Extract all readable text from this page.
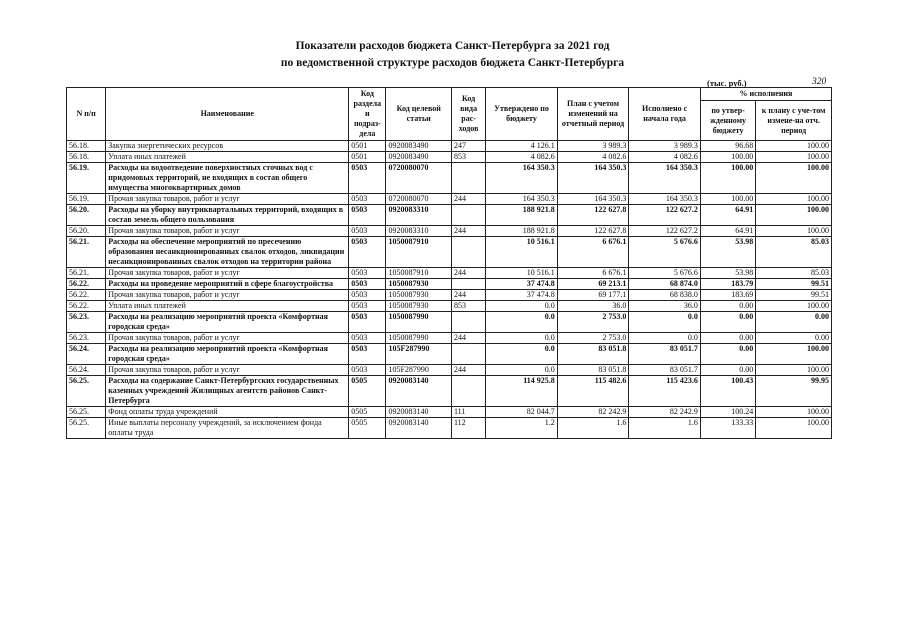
Показатели расходов бюджета Санкт-Петербурга за 2021 год
по ведомственной структуре расходов бюджета Санкт-Петербурга
(тыс. руб.)	320
N п/п	Наименование	Код раздела и подраз-дела	Код целевой статьи	Код вида рас-ходов	Утверждено по бюджету	План с учетом изменений на отчетный период	Исполнено с начала года	% исполнения	
								по утвер-жденному бюджету	к плану с уче-том измене-на отч. период
56.18.	Закупка энергетических ресурсов	0501	0920083490	247	4 126.1	3 989.3	3 989.3	96.68	100.00
56.18.	Уплата иных платежей	0501	0920083490	853	4 082.6	4 082.6	4 082.6	100.00	100.00
56.19.	Расходы на водоотведение поверхностных сточных вод с придомовых территорий, не входящих в состав общего имущества многоквартирных домов	0503	0720080070		164 350.3	164 350.3	164 350.3	100.00	100.00
56.19.	Прочая закупка товаров, работ и услуг	0503	0720080070	244	164 350.3	164 350.3	164 350.3	100.00	100.00
56.20.	Расходы на уборку внутриквартальных территорий, входящих в состав земель общего пользования	0503	0920083310		188 921.8	122 627.8	122 627.2	64.91	100.00
56.20.	Прочая закупка товаров, работ и услуг	0503	0920083310	244	188 921.8	122 627.8	122 627.2	64.91	100.00
56.21.	Расходы на обеспечение мероприятий по пресечению образования несанкционированных свалок отходов, ликвидации несанкционированных свалок отходов на территории района	0503	1050087910		10 516.1	6 676.1	5 676.6	53.98	85.03
56.21.	Прочая закупка товаров, работ и услуг	0503	1050087910	244	10 516.1	6 676.1	5 676.6	53.98	85.03
56.22.	Расходы на проведение мероприятий в сфере благоустройства	0503	1050087930		37 474.8	69 213.1	68 874.0	183.79	99.51
56.22.	Прочая закупка товаров, работ и услуг	0503	1050087930	244	37 474.8	69 177.1	68 838.0	183.69	99.51
56.22.	Уплата иных платежей	0503	1050087930	853	0.0	36.0	36.0	0.00	100.00
56.23.	Расходы на реализацию мероприятий проекта «Комфортная городская среда»	0503	1050087990		0.0	2 753.0	0.0	0.00	0.00
56.23.	Прочая закупка товаров, работ и услуг	0503	1050087990	244	0.0	2 753.0	0.0	0.00	0.00
56.24.	Расходы на реализацию мероприятий проекта «Комфортная городская среда»	0503	105F287990		0.0	83 051.8	83 051.7	0.00	100.00
56.24.	Прочая закупка товаров, работ и услуг	0503	105F287990	244	0.0	83 051.8	83 051.7	0.00	100.00
56.25.	Расходы на содержание Санкт-Петербургских государственных казенных учреждений Жилищных агентств районов Санкт-Петербурга	0505	0920083140		114 925.8	115 482.6	115 423.6	100.43	99.95
56.25.	Фонд оплаты труда учреждений	0505	0920083140	111	82 044.7	82 242.9	82 242.9	100.24	100.00
56.25.	Иные выплаты персоналу учреждений, за исключением фонда оплаты труда	0505	0920083140	112	1.2	1.6	1.6	133.33	100.00
